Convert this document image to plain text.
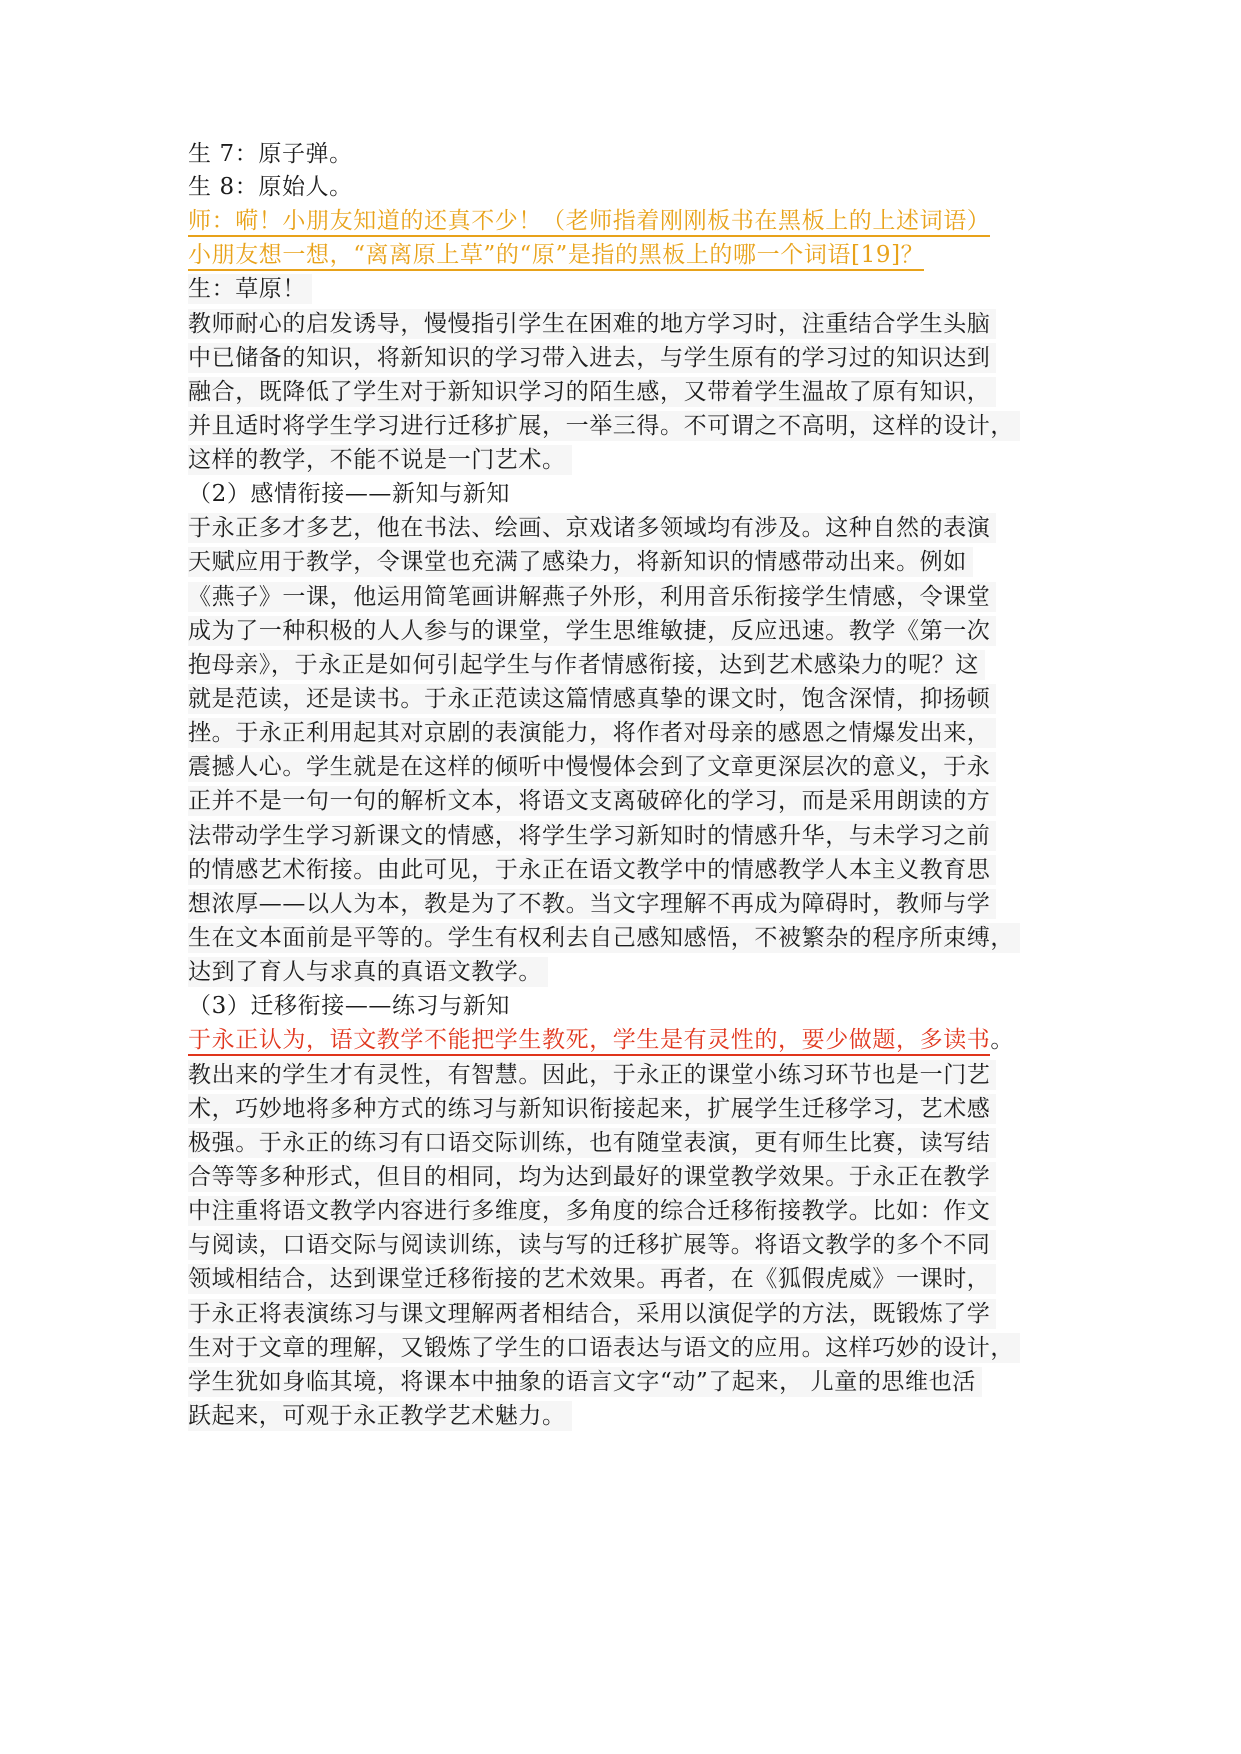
生 7：原子弹。
生 8：原始人。
师：嗬！小朋友知道的还真不少！（老师指着刚刚板书在黑板上的上述词语）
小朋友想一想，“离离原上草”的“原”是指的黑板上的哪一个词语[19]？
生：草原！
教师耐心的启发诱导，慢慢指引学生在困难的地方学习时，注重结合学生头脑
中已储备的知识，将新知识的学习带入进去，与学生原有的学习过的知识达到
融合，既降低了学生对于新知识学习的陌生感，又带着学生温故了原有知识，
并且适时将学生学习进行迁移扩展，一举三得。不可谓之不高明，这样的设计，
这样的教学，不能不说是一门艺术。
（2）感情衔接——新知与新知
于永正多才多艺，他在书法、绘画、京戏诸多领域均有涉及。这种自然的表演
天赋应用于教学，令课堂也充满了感染力，将新知识的情感带动出来。例如
《燕子》一课，他运用简笔画讲解燕子外形，利用音乐衔接学生情感，令课堂
成为了一种积极的人人参与的课堂，学生思维敏捷，反应迅速。教学《第一次
抱母亲》，于永正是如何引起学生与作者情感衔接，达到艺术感染力的呢？这
就是范读，还是读书。于永正范读这篇情感真挚的课文时，饱含深情，抑扬顿
挫。于永正利用起其对京剧的表演能力，将作者对母亲的感恩之情爆发出来，
震撼人心。学生就是在这样的倾听中慢慢体会到了文章更深层次的意义，于永
正并不是一句一句的解析文本，将语文支离破碎化的学习，而是采用朗读的方
法带动学生学习新课文的情感，将学生学习新知时的情感升华，与未学习之前
的情感艺术衔接。由此可见，于永正在语文教学中的情感教学人本主义教育思
想浓厚——以人为本，教是为了不教。当文字理解不再成为障碍时，教师与学
生在文本面前是平等的。学生有权利去自己感知感悟，不被繁杂的程序所束缚，
达到了育人与求真的真语文教学。
（3）迁移衔接——练习与新知
于永正认为，语文教学不能把学生教死，学生是有灵性的，要少做题，多读书。
教出来的学生才有灵性，有智慧。因此，于永正的课堂小练习环节也是一门艺
术，巧妙地将多种方式的练习与新知识衔接起来，扩展学生迁移学习，艺术感
极强。于永正的练习有口语交际训练，也有随堂表演，更有师生比赛，读写结
合等等多种形式，但目的相同，均为达到最好的课堂教学效果。于永正在教学
中注重将语文教学内容进行多维度，多角度的综合迁移衔接教学。比如：作文
与阅读，口语交际与阅读训练，读与写的迁移扩展等。将语文教学的多个不同
领域相结合，达到课堂迁移衔接的艺术效果。再者，在《狐假虎威》一课时，
于永正将表演练习与课文理解两者相结合，采用以演促学的方法，既锻炼了学
生对于文章的理解，又锻炼了学生的口语表达与语文的应用。这样巧妙的设计，
学生犹如身临其境，将课本中抽象的语言文字“动”了起来， 儿童的思维也活
跃起来，可观于永正教学艺术魅力。
